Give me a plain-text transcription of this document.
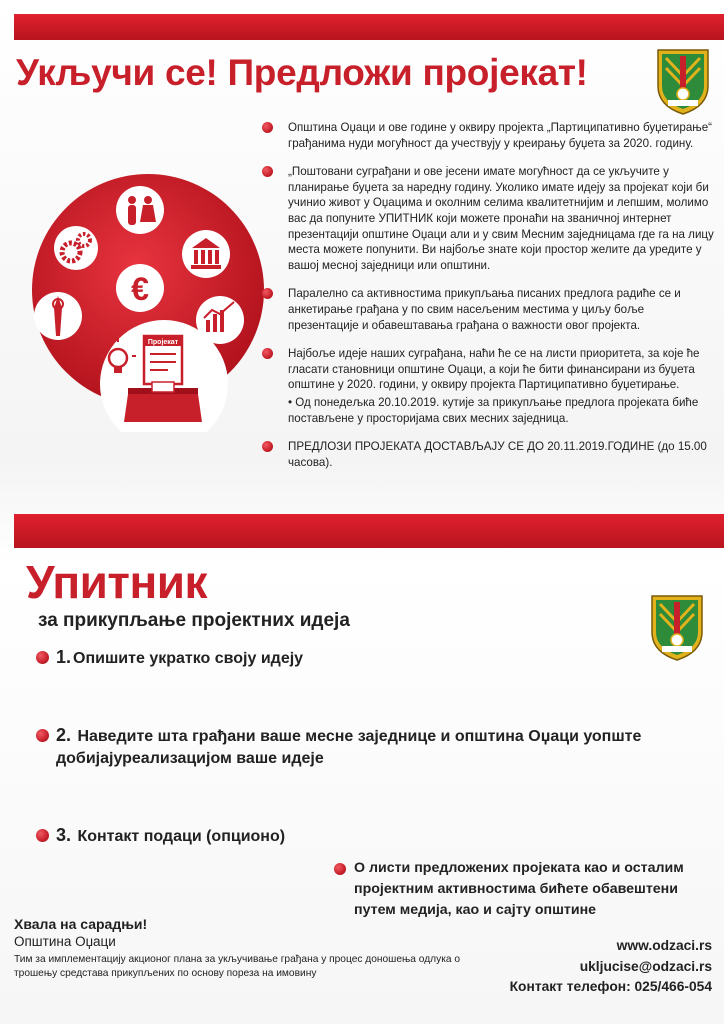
Укључи се! Предложи пројекат!
€
Пројекат

Општина Оџаци и ове године у оквиру пројекта „Партиципативно буџетирање“ грађанима нуди могућност да учествују у креирању буџета за 2020. годину.

„Поштовани суграђани и ове јесени имате могућност да се укључите у планирање буџета за наредну годину. Уколико имате идеју за пројекат који би учинио живот у Оџацима и околним селима квалитетнијим и лепшим, молимо вас да попуните УПИТНИК који можете пронаћи на званичној интернет презентацији општине Оџаци али и у свим Месним заједницама где га на лицу места можете попунити. Ви најбоље знате који простор желите да уредите у вашој месној заједници или општини.

Паралелно са активностима прикупљања писаних предлога радиће се и анкетирање грађана у по свим насељеним местима у циљу боље презентације и обавештавања грађана о важности овог пројекта.

Најбоље идеје наших суграђана, наћи ће се на листи приоритета, за које ће гласати становници општине Оџаци, а који ће бити финансирани из буџета општине у 2020. години, у оквиру пројекта Партиципативно буџетирање.

• Од понедељка 20.10.2019. кутије за прикупљање предлога пројеката биће постављене у просторијама свих месних заједница.

ПРЕДЛОЗИ ПРОЈЕКАТА ДОСТАВЉАЈУ СЕ ДО 20.11.2019.ГОДИНЕ (до 15.00 часова).

Упитник

за прикупљање пројектних идеја

1. Опишите укратко своју идеју
2. Наведите шта грађани ваше месне заједнице и општина Оџаци уопште
добијајуреализацијом ваше идеје
3. Контакт подаци (опционо)
О листи предложених пројеката као и осталим пројектним активностима бићете обавештени путем медија, као и сајту општине

Хвала на сарадњи!

Општина Оџаци

Тим за имплементацију акционог плана за укључивање грађана у процес доношења одлука о трошењу средстава прикупљених по основу пореза на имовину

www.odzaci.rs
ukljucise@odzaci.rs
Контакт телефон: 025/466-054
